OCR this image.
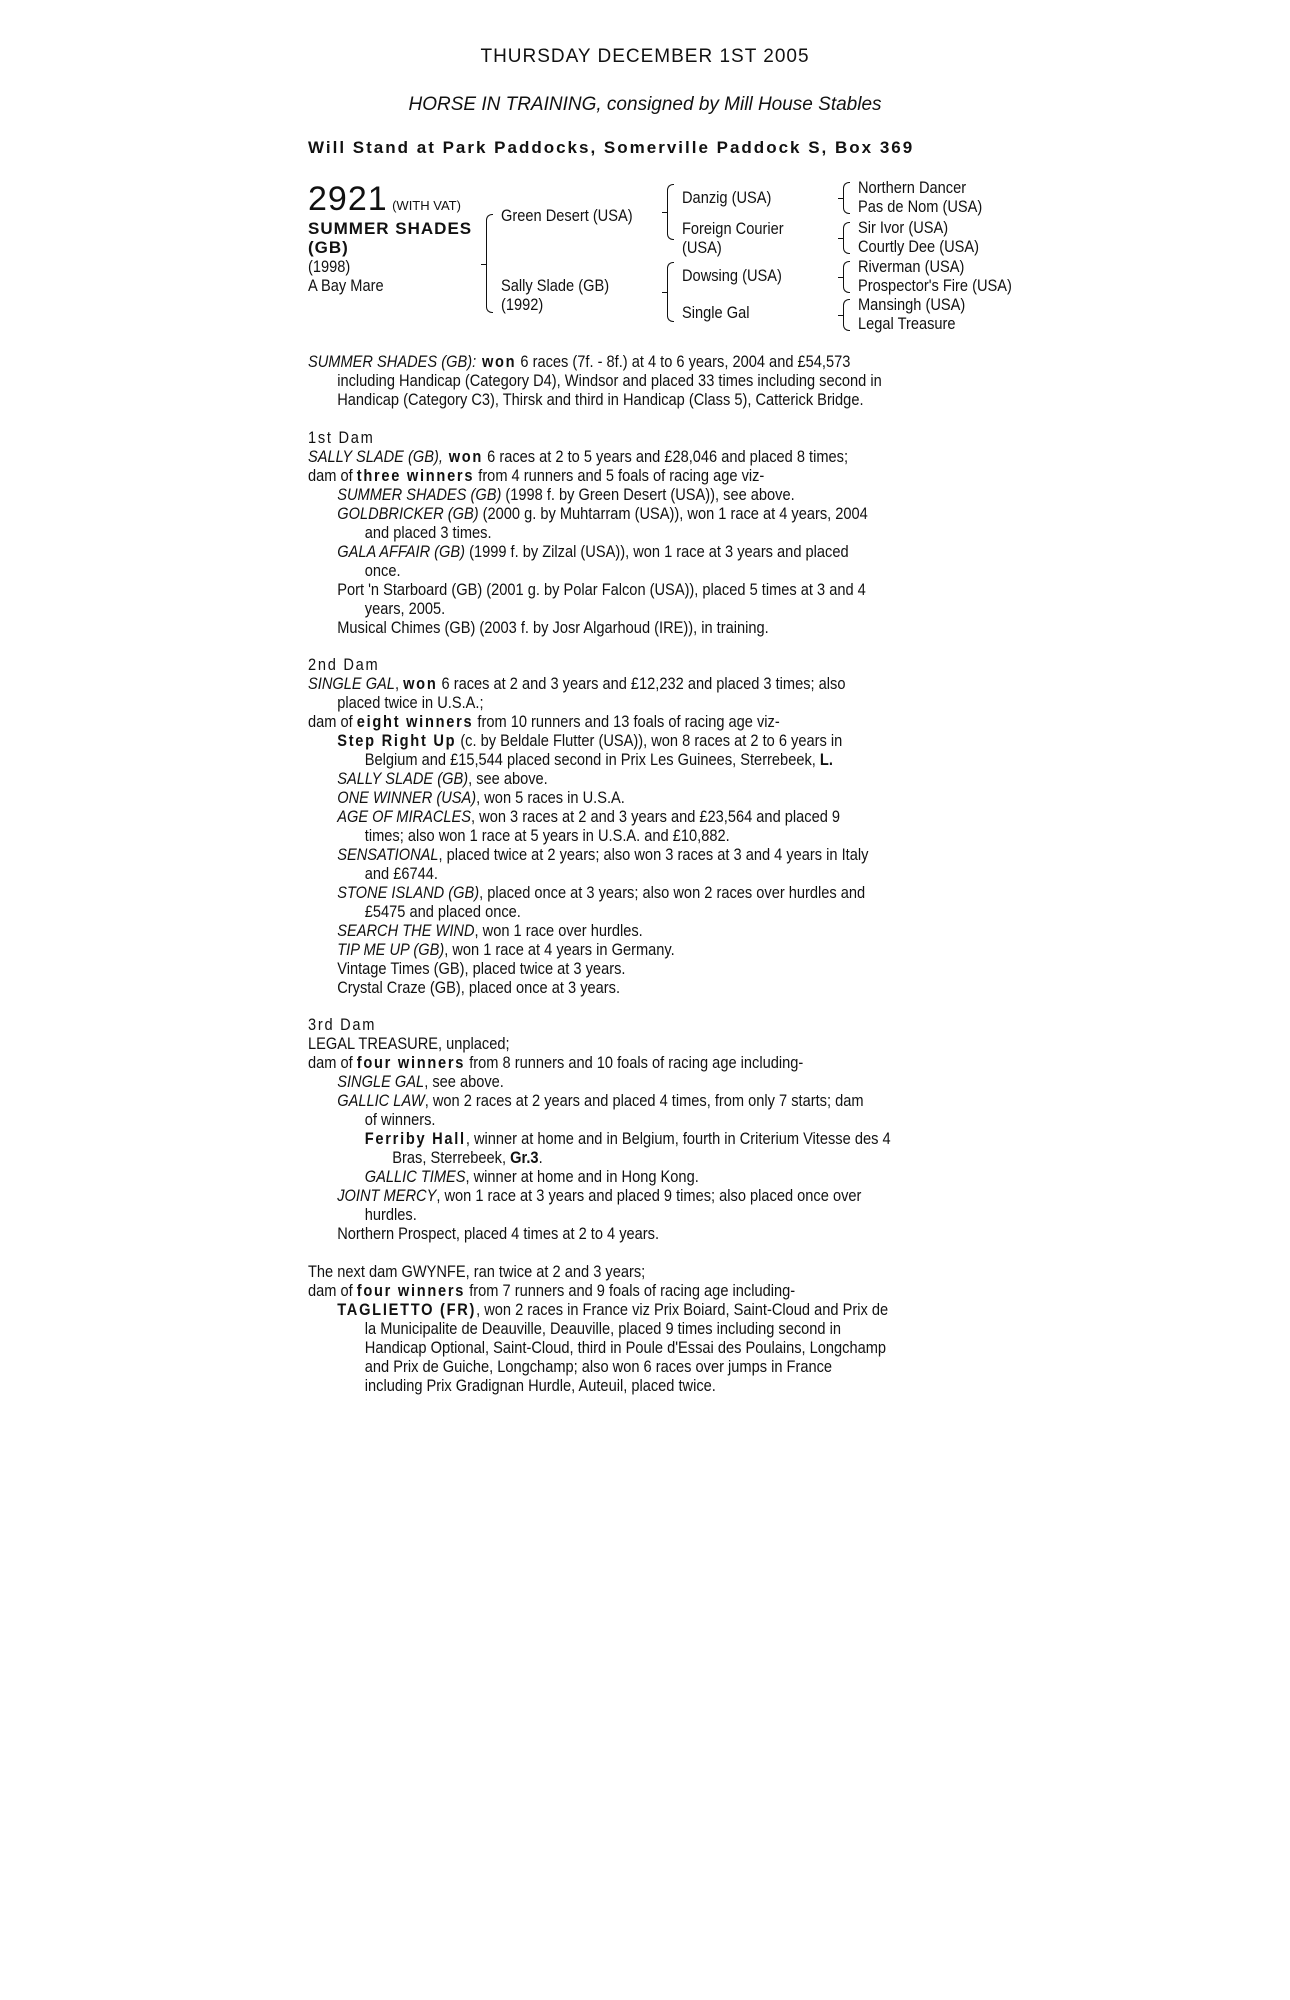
THURSDAY DECEMBER 1ST 2005
HORSE IN TRAINING, consigned by Mill House Stables
Will Stand at Park Paddocks, Somerville Paddock S, Box 369
2921 (WITH VAT)
SUMMER SHADES
(GB)
(1998)
A Bay Mare
Green Desert (USA)
Sally Slade (GB)
(1992)
Danzig (USA)
Foreign Courier
(USA)
Dowsing (USA)
Single Gal
Northern Dancer
Pas de Nom (USA)
Sir Ivor (USA)
Courtly Dee (USA)
Riverman (USA)
Prospector's Fire (USA)
Mansingh (USA)
Legal Treasure
SUMMER SHADES (GB): won 6 races (7f. - 8f.) at 4 to 6 years, 2004 and £54,573
including Handicap (Category D4), Windsor and placed 33 times including second in
Handicap (Category C3), Thirsk and third in Handicap (Class 5), Catterick Bridge.
1st Dam
SALLY SLADE (GB), won 6 races at 2 to 5 years and £28,046 and placed 8 times;
dam of three winners from 4 runners and 5 foals of racing age viz-
SUMMER SHADES (GB) (1998 f. by Green Desert (USA)), see above.
GOLDBRICKER (GB) (2000 g. by Muhtarram (USA)), won 1 race at 4 years, 2004
and placed 3 times.
GALA AFFAIR (GB) (1999 f. by Zilzal (USA)), won 1 race at 3 years and placed
once.
Port 'n Starboard (GB) (2001 g. by Polar Falcon (USA)), placed 5 times at 3 and 4
years, 2005.
Musical Chimes (GB) (2003 f. by Josr Algarhoud (IRE)), in training.
2nd Dam
SINGLE GAL, won 6 races at 2 and 3 years and £12,232 and placed 3 times; also
placed twice in U.S.A.;
dam of eight winners from 10 runners and 13 foals of racing age viz-
Step Right Up (c. by Beldale Flutter (USA)), won 8 races at 2 to 6 years in
Belgium and £15,544 placed second in Prix Les Guinees, Sterrebeek, L.
SALLY SLADE (GB), see above.
ONE WINNER (USA), won 5 races in U.S.A.
AGE OF MIRACLES, won 3 races at 2 and 3 years and £23,564 and placed 9
times; also won 1 race at 5 years in U.S.A. and £10,882.
SENSATIONAL, placed twice at 2 years; also won 3 races at 3 and 4 years in Italy
and £6744.
STONE ISLAND (GB), placed once at 3 years; also won 2 races over hurdles and
£5475 and placed once.
SEARCH THE WIND, won 1 race over hurdles.
TIP ME UP (GB), won 1 race at 4 years in Germany.
Vintage Times (GB), placed twice at 3 years.
Crystal Craze (GB), placed once at 3 years.
3rd Dam
LEGAL TREASURE, unplaced;
dam of four winners from 8 runners and 10 foals of racing age including-
SINGLE GAL, see above.
GALLIC LAW, won 2 races at 2 years and placed 4 times, from only 7 starts; dam
of winners.
Ferriby Hall, winner at home and in Belgium, fourth in Criterium Vitesse des 4
Bras, Sterrebeek, Gr.3.
GALLIC TIMES, winner at home and in Hong Kong.
JOINT MERCY, won 1 race at 3 years and placed 9 times; also placed once over
hurdles.
Northern Prospect, placed 4 times at 2 to 4 years.
The next dam GWYNFE, ran twice at 2 and 3 years;
dam of four winners from 7 runners and 9 foals of racing age including-
TAGLIETTO (FR), won 2 races in France viz Prix Boiard, Saint-Cloud and Prix de
la Municipalite de Deauville, Deauville, placed 9 times including second in
Handicap Optional, Saint-Cloud, third in Poule d'Essai des Poulains, Longchamp
and Prix de Guiche, Longchamp; also won 6 races over jumps in France
including Prix Gradignan Hurdle, Auteuil, placed twice.
